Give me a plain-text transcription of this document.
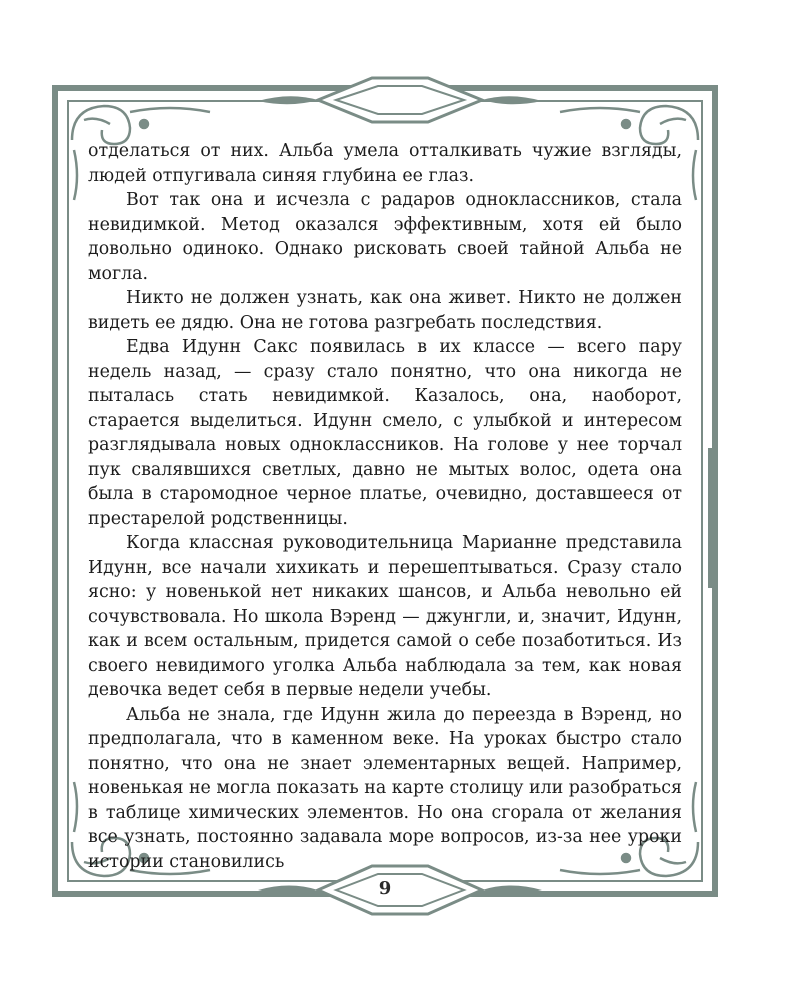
отделаться от них. Альба умела отталкивать чужие взгляды, людей отпугивала синяя глубина ее глаз.

Вот так она и исчезла с радаров одноклассников, стала невидимкой. Метод оказался эффективным, хотя ей было довольно одиноко. Однако рисковать своей тайной Альба не могла.

Никто не должен узнать, как она живет. Никто не должен видеть ее дядю. Она не готова разгребать последствия.

Едва Идунн Сакс появилась в их классе — всего пару недель назад, — сразу стало понятно, что она никогда не пыталась стать невидимкой. Казалось, она, наоборот, старается выделиться. Идунн смело, с улыбкой и интересом разглядывала новых одноклассников. На голове у нее торчал пук свалявшихся светлых, давно не мытых волос, одета она была в старомодное черное платье, очевидно, доставшееся от престарелой родственницы.

Когда классная руководительница Марианне представила Идунн, все начали хихикать и перешептываться. Сразу стало ясно: у новенькой нет никаких шансов, и Альба невольно ей сочувствовала. Но школа Вэренд — джунгли, и, значит, Идунн, как и всем остальным, придется самой о себе позаботиться. Из своего невидимого уголка Альба наблюдала за тем, как новая девочка ведет себя в первые недели учебы.

Альба не знала, где Идунн жила до переезда в Вэренд, но предполагала, что в каменном веке. На уроках быстро стало понятно, что она не знает элементарных вещей. Например, новенькая не могла показать на карте столицу или разобраться в таблице химических элементов. Но она сгорала от желания все узнать, постоянно задавала море вопросов, из-за нее уроки истории становились

9
